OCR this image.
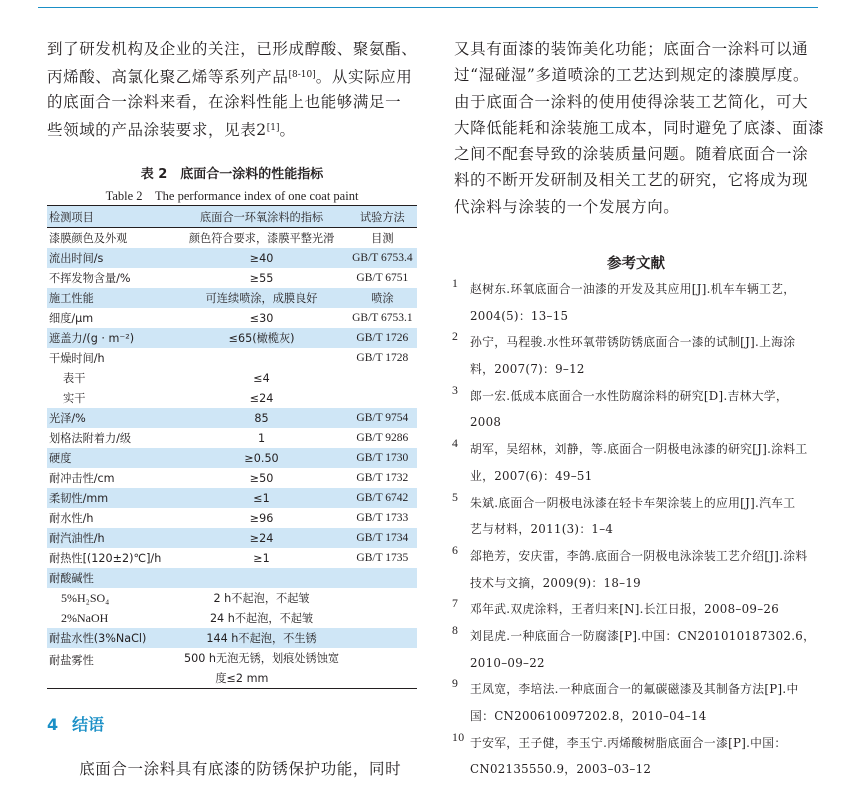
到了研发机构及企业的关注，已形成醇酸、聚氨酯、
丙烯酸、高氯化聚乙烯等系列产品[8-10]。从实际应用
的底面合一涂料来看，在涂料性能上也能够满足一
些领域的产品涂装要求，见表2[1]。
表 2　底面合一涂料的性能指标
Table 2　The performance index of one coat paint
检测项目	底面合一环氧涂料的指标	试验方法
漆膜颜色及外观	颜色符合要求，漆膜平整光滑	目测
流出时间/s	≥40	GB/T 6753.4
不挥发物含量/%	≥55	GB/T 6751
施工性能	可连续喷涂，成膜良好	喷涂
细度/μm	≤30	GB/T 6753.1
遮盖力/(g · m⁻²)	≤65(橄榄灰)	GB/T 1726
干燥时间/h		GB/T 1728
表干	≤4	
实干	≤24	
光泽/%	85	GB/T 9754
划格法附着力/级	1	GB/T 9286
硬度	≥0.50	GB/T 1730
耐冲击性/cm	≥50	GB/T 1732
柔韧性/mm	≤1	GB/T 6742
耐水性/h	≥96	GB/T 1733
耐汽油性/h	≥24	GB/T 1734
耐热性[(120±2)℃]/h	≥1	GB/T 1735
耐酸碱性		
5%H₂SO₄	2 h不起泡，不起皱	
2%NaOH	24 h不起泡，不起皱	
耐盐水性(3%NaCl)	144 h不起泡，不生锈	
耐盐雾性	500 h无泡无锈，划痕处锈蚀宽	
	度≤2 mm	
4 结语
　　底面合一涂料具有底漆的防锈保护功能，同时
又具有面漆的装饰美化功能；底面合一涂料可以通
过“湿碰湿”多道喷涂的工艺达到规定的漆膜厚度。
由于底面合一涂料的使用使得涂装工艺简化，可大
大降低能耗和涂装施工成本，同时避免了底漆、面漆
之间不配套导致的涂装质量问题。随着底面合一涂
料的不断开发研制及相关工艺的研究，它将成为现
代涂料与涂装的一个发展方向。
参考文献
1 赵树东.环氧底面合一油漆的开发及其应用[J].机车车辆工艺，
2004(5)：13–15
2 孙宁，马程骏.水性环氧带锈防锈底面合一漆的试制[J].上海涂
料，2007(7)：9–12
3 郎一宏.低成本底面合一水性防腐涂料的研究[D].吉林大学，
2008
4 胡军，吴绍林，刘静，等.底面合一阴极电泳漆的研究[J].涂料工
业，2007(6)：49–51
5 朱斌.底面合一阴极电泳漆在轻卡车架涂装上的应用[J].汽车工
艺与材料，2011(3)：1–4
6 郐艳芳，安庆雷，李鸽.底面合一阴极电泳涂装工艺介绍[J].涂料
技术与文摘，2009(9)：18–19
7 邓年武.双虎涂料，王者归来[N].长江日报，2008–09–26
8 刘昆虎.一种底面合一防腐漆[P].中国：CN201010187302.6，
2010–09–22
9 王凤宽，李培法.一种底面合一的氟碳磁漆及其制备方法[P].中
国：CN200610097202.8，2010–04–14
10 于安军，王子健，李玉宁.丙烯酸树脂底面合一漆[P].中国：
CN02135550.9，2003–03–12
